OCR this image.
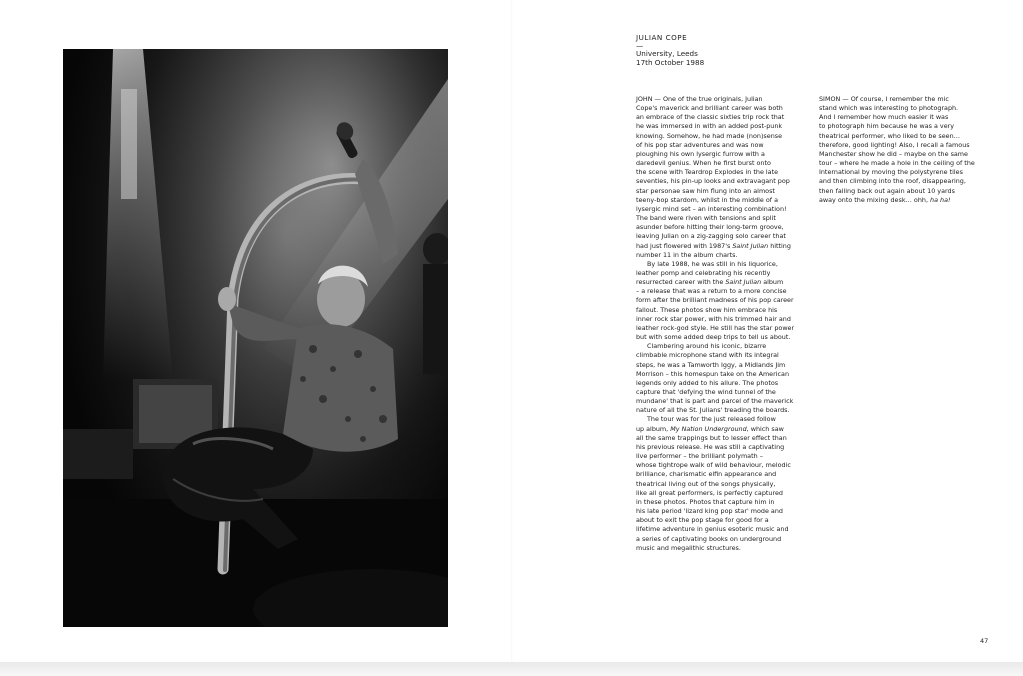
JULIAN COPE
—
University, Leeds
17th October 1988
JOHN — One of the true originals, Julian
Cope's maverick and brilliant career was both
an embrace of the classic sixties trip rock that
he was immersed in with an added post-punk
knowing. Somehow, he had made (non)sense
of his pop star adventures and was now
ploughing his own lysergic furrow with a
daredevil genius. When he first burst onto
the scene with Teardrop Explodes in the late
seventies, his pin-up looks and extravagant pop
star personae saw him flung into an almost
teeny-bop stardom, whilst in the middle of a
lysergic mind set – an interesting combination!
The band were riven with tensions and split
asunder before hitting their long-term groove,
leaving Julian on a zig-zagging solo career that
had just flowered with 1987's Saint Julian hitting
number 11 in the album charts.
By late 1988, he was still in his liquorice,
leather pomp and celebrating his recently
resurrected career with the Saint Julian album
– a release that was a return to a more concise
form after the brilliant madness of his pop career
fallout. These photos show him embrace his
inner rock star power, with his trimmed hair and
leather rock-god style. He still has the star power
but with some added deep trips to tell us about.
Clambering around his iconic, bizarre
climbable microphone stand with its integral
steps, he was a Tamworth Iggy, a Midlands Jim
Morrison – this homespun take on the American
legends only added to his allure. The photos
capture that 'defying the wind tunnel of the
mundane' that is part and parcel of the maverick
nature of all the St. Julians' treading the boards.
The tour was for the just released follow
up album, My Nation Underground, which saw
all the same trappings but to lesser effect than
his previous release. He was still a captivating
live performer – the brilliant polymath –
whose tightrope walk of wild behaviour, melodic
brilliance, charismatic elfin appearance and
theatrical living out of the songs physically,
like all great performers, is perfectly captured
in these photos. Photos that capture him in
his late period 'lizard king pop star' mode and
about to exit the pop stage for good for a
lifetime adventure in genius esoteric music and
a series of captivating books on underground
music and megalithic structures.
SIMON — Of course, I remember the mic
stand which was interesting to photograph.
And I remember how much easier it was
to photograph him because he was a very
theatrical performer, who liked to be seen…
therefore, good lighting! Also, I recall a famous
Manchester show he did – maybe on the same
tour – where he made a hole in the ceiling of the
International by moving the polystyrene tiles
and then climbing into the roof, disappearing,
then falling back out again about 10 yards
away onto the mixing desk… ohh, ha ha!
47
